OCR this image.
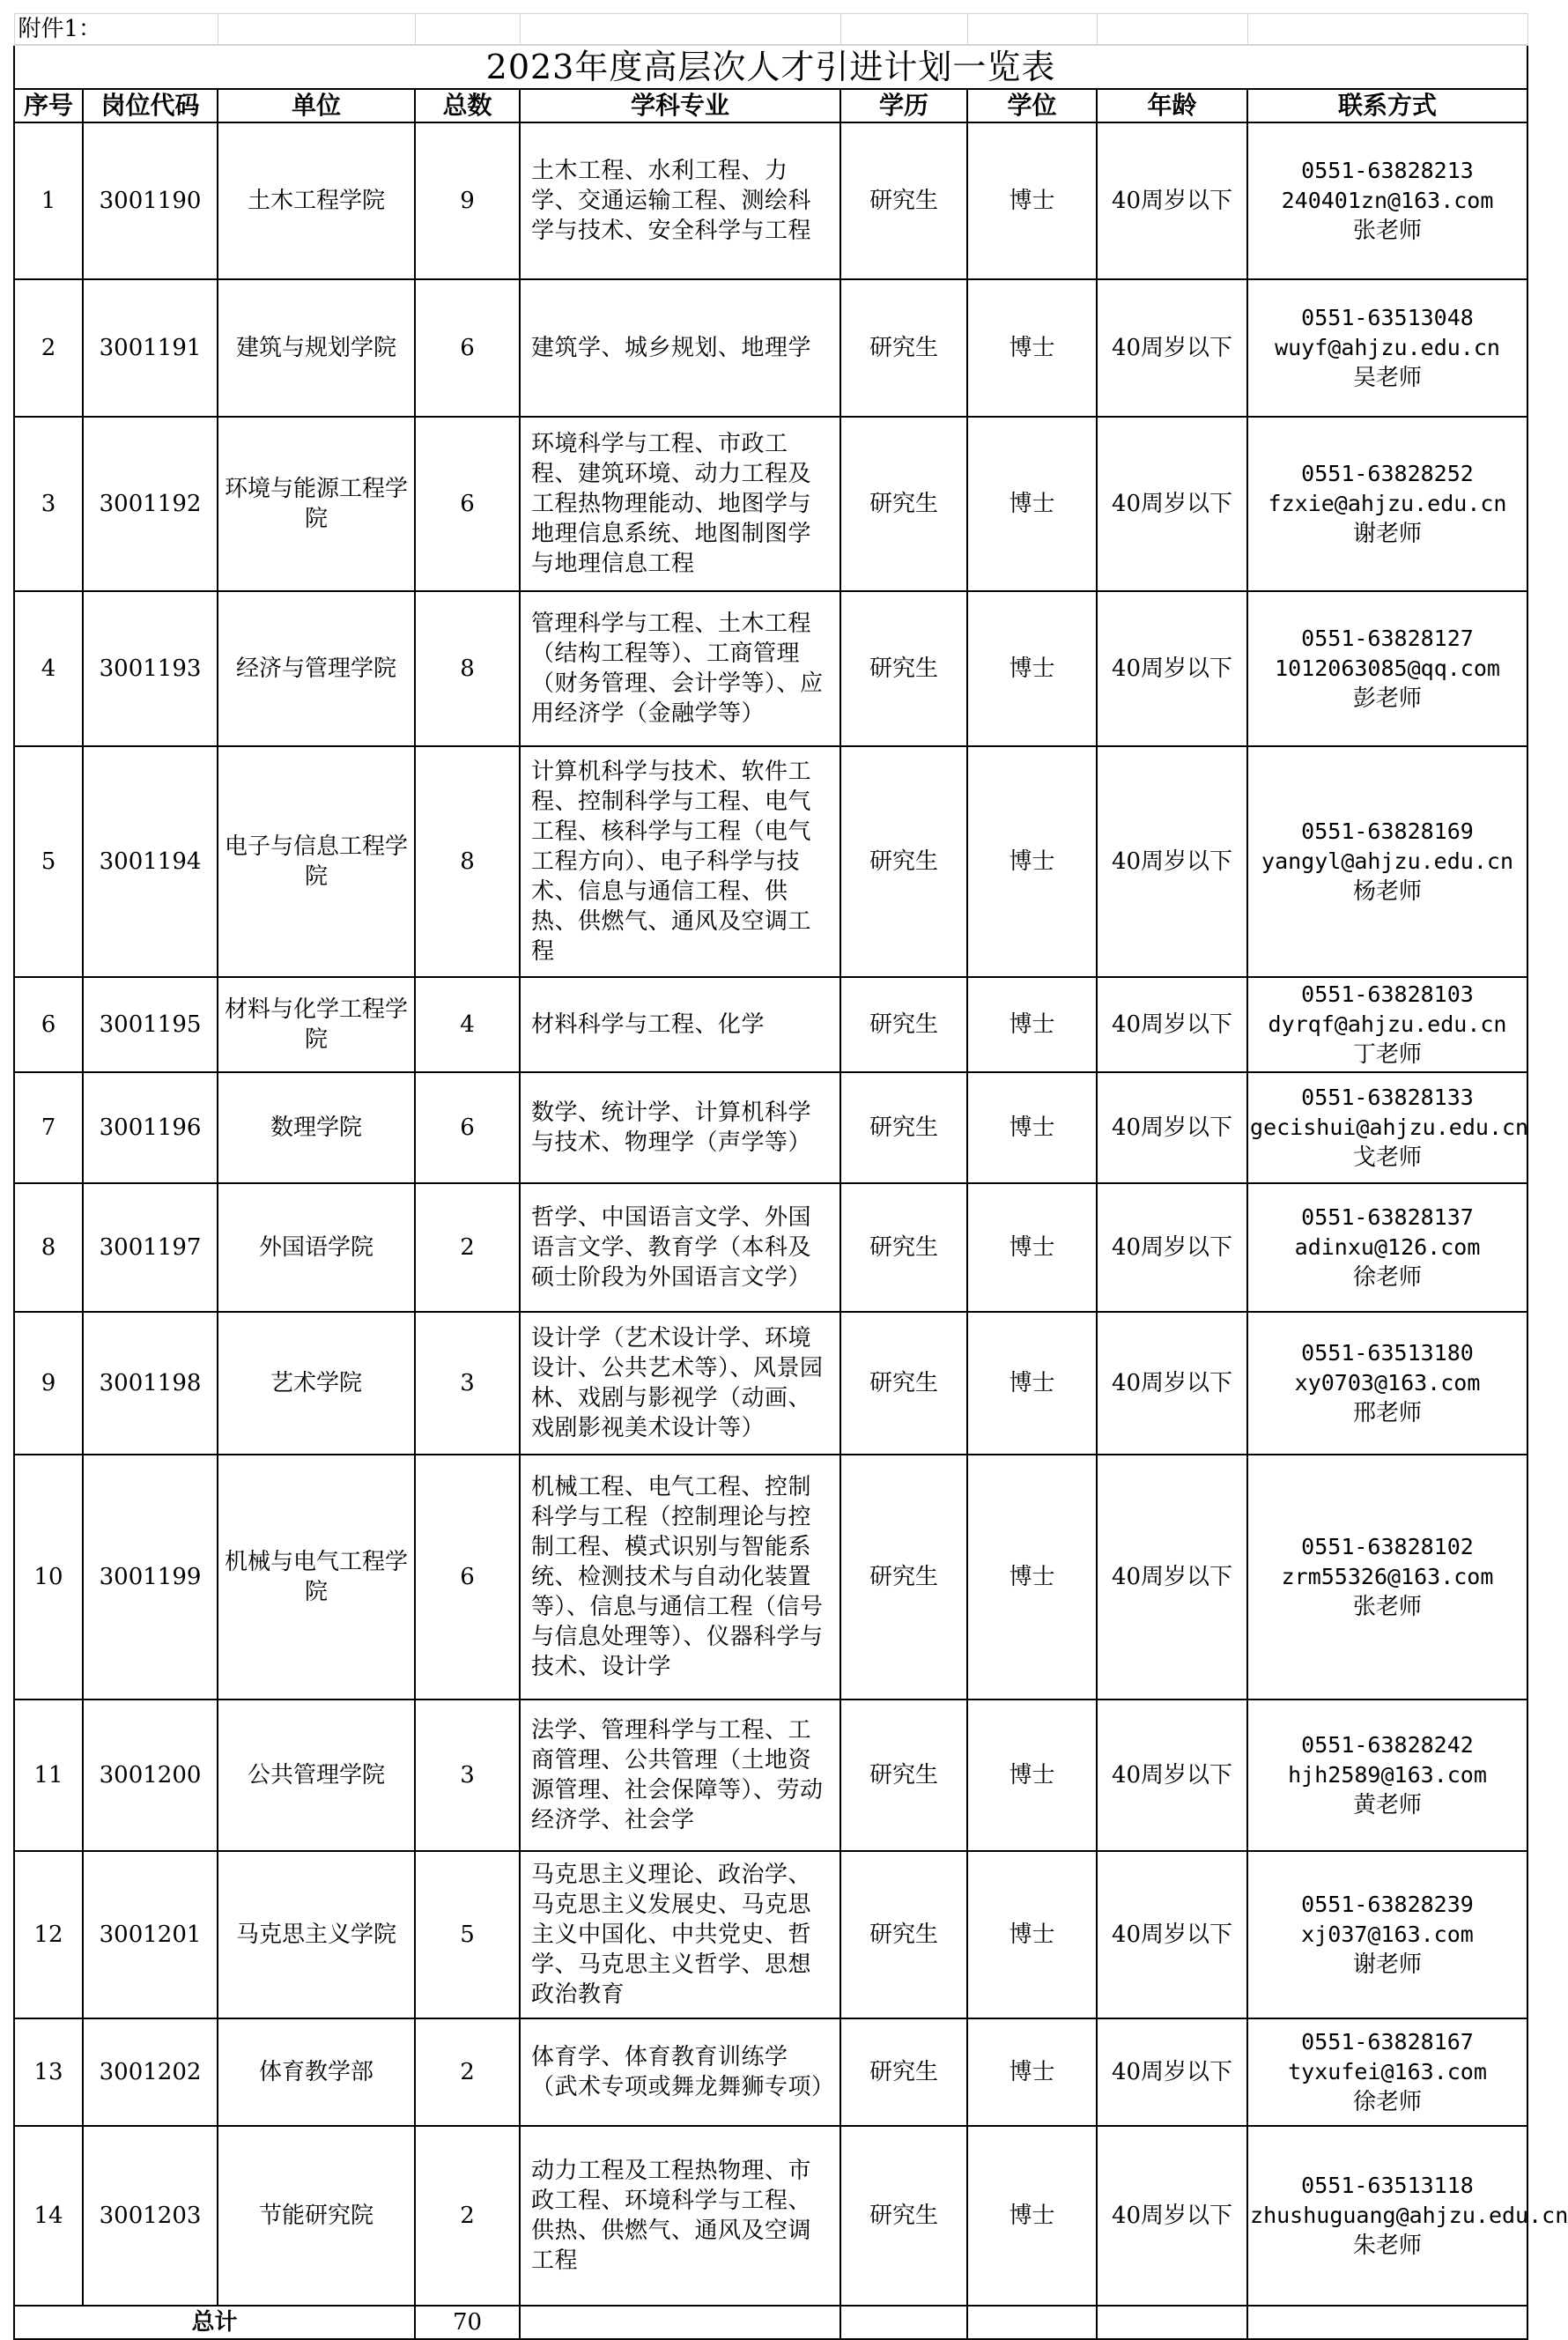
附件1：								
2023年度高层次人才引进计划一览表								
序号	岗位代码	单位	总数	学科专业	学历	学位	年龄	联系方式
1	3001190	土木工程学院	9	土木工程、水利工程、力学、交通运输工程、测绘科学与技术、安全科学与工程	研究生	博士	40周岁以下	0551-63828213
240401zn@163.com
张老师

2	3001191	建筑与规划学院	6	建筑学、城乡规划、地理学	研究生	博士	40周岁以下	0551-63513048
wuyf@ahjzu.edu.cn
吴老师

3	3001192	环境与能源工程学院	6	环境科学与工程、市政工程、建筑环境、动力工程及工程热物理能动、地图学与地理信息系统、地图制图学与地理信息工程	研究生	博士	40周岁以下	0551-63828252
fzxie@ahjzu.edu.cn
谢老师

4	3001193	经济与管理学院	8	管理科学与工程、土木工程（结构工程等）、工商管理（财务管理、会计学等）、应用经济学（金融学等）	研究生	博士	40周岁以下	0551-63828127
1012063085@qq.com
彭老师

5	3001194	电子与信息工程学院	8	计算机科学与技术、软件工程、控制科学与工程、电气工程、核科学与工程（电气工程方向）、电子科学与技术、信息与通信工程、供热、供燃气、通风及空调工程	研究生	博士	40周岁以下	0551-63828169
yangyl@ahjzu.edu.cn
杨老师

6	3001195	材料与化学工程学院	4	材料科学与工程、化学	研究生	博士	40周岁以下	0551-63828103
dyrqf@ahjzu.edu.cn
丁老师

7	3001196	数理学院	6	数学、统计学、计算机科学与技术、物理学（声学等）	研究生	博士	40周岁以下	0551-63828133
gecishui@ahjzu.edu.cn
戈老师

8	3001197	外国语学院	2	哲学、中国语言文学、外国语言文学、教育学（本科及硕士阶段为外国语言文学）	研究生	博士	40周岁以下	0551-63828137
adinxu@126.com
徐老师

9	3001198	艺术学院	3	设计学（艺术设计学、环境设计、公共艺术等）、风景园林、戏剧与影视学（动画、戏剧影视美术设计等）	研究生	博士	40周岁以下	0551-63513180
xy0703@163.com
邢老师

10	3001199	机械与电气工程学院	6	机械工程、电气工程、控制科学与工程（控制理论与控制工程、模式识别与智能系统、检测技术与自动化装置等）、信息与通信工程（信号与信息处理等）、仪器科学与技术、设计学	研究生	博士	40周岁以下	0551-63828102
zrm55326@163.com
张老师

11	3001200	公共管理学院	3	法学、管理科学与工程、工商管理、公共管理（土地资源管理、社会保障等）、劳动经济学、社会学	研究生	博士	40周岁以下	0551-63828242
hjh2589@163.com
黄老师

12	3001201	马克思主义学院	5	马克思主义理论、政治学、马克思主义发展史、马克思主义中国化、中共党史、哲学、马克思主义哲学、思想政治教育	研究生	博士	40周岁以下	0551-63828239
xj037@163.com
谢老师

13	3001202	体育教学部	2	体育学、体育教育训练学（武术专项或舞龙舞狮专项）	研究生	博士	40周岁以下	0551-63828167
tyxufei@163.com
徐老师

14	3001203	节能研究院	2	动力工程及工程热物理、市政工程、环境科学与工程、供热、供燃气、通风及空调工程	研究生	博士	40周岁以下	0551-63513118
zhushuguang@ahjzu.edu.cn
朱老师

总计			70					
